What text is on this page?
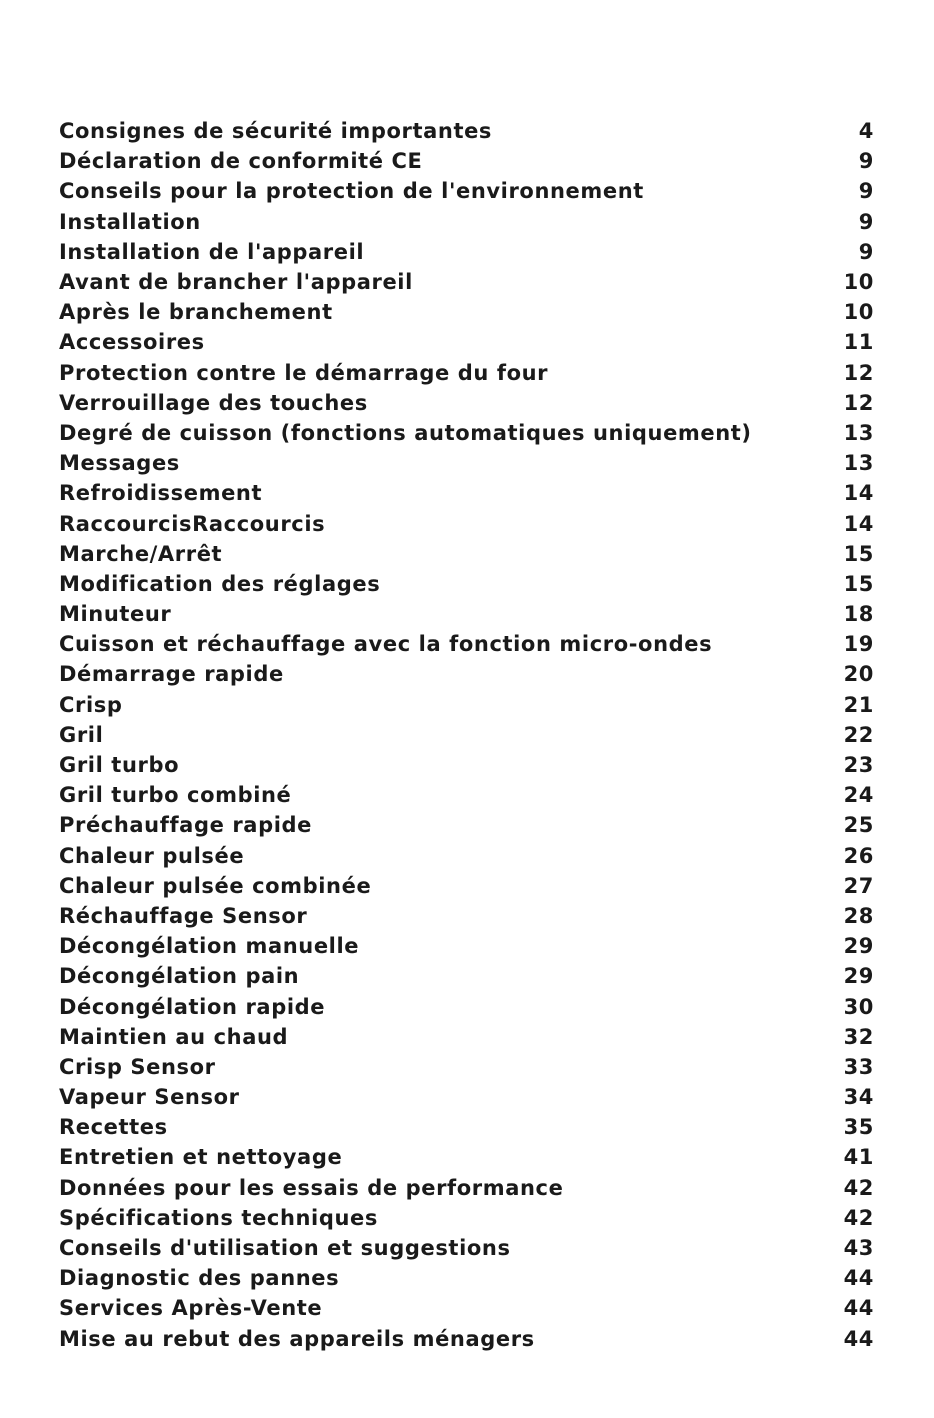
Consignes de sécurité importantes	4
Déclaration de conformité CE	9
Conseils pour la protection de l'environnement	9
Installation	9
Installation de l'appareil	9
Avant de brancher l'appareil	10
Après le branchement	10
Accessoires	11
Protection contre le démarrage du four	12
Verrouillage des touches	12
Degré de cuisson (fonctions automatiques uniquement)	13
Messages	13
Refroidissement	14
RaccourcisRaccourcis	14
Marche/Arrêt	15
Modification des réglages	15
Minuteur	18
Cuisson et réchauffage avec la fonction micro-ondes	19
Démarrage rapide	20
Crisp	21
Gril	22
Gril turbo	23
Gril turbo combiné	24
Préchauffage rapide	25
Chaleur pulsée	26
Chaleur pulsée combinée	27
Réchauffage Sensor	28
Décongélation manuelle	29
Décongélation pain	29
Décongélation rapide	30
Maintien au chaud	32
Crisp Sensor	33
Vapeur Sensor	34
Recettes	35
Entretien et nettoyage	41
Données pour les essais de performance	42
Spécifications techniques	42
Conseils d'utilisation et suggestions	43
Diagnostic des pannes	44
Services Après-Vente	44
Mise au rebut des appareils ménagers	44
